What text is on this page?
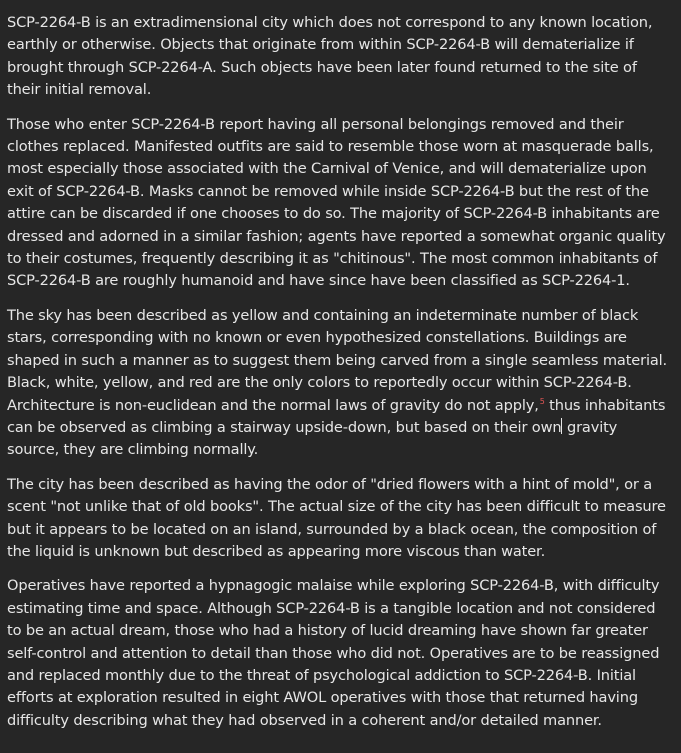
SCP-2264-B is an extradimensional city which does not correspond to any known location, earthly or otherwise. Objects that originate from within SCP-2264-B will dematerialize if brought through SCP-2264-A. Such objects have been later found returned to the site of their initial removal.

Those who enter SCP-2264-B report having all personal belongings removed and their clothes replaced. Manifested outfits are said to resemble those worn at masquerade balls, most especially those associated with the Carnival of Venice, and will dematerialize upon exit of SCP-2264-B. Masks cannot be removed while inside SCP-2264-B but the rest of the attire can be discarded if one chooses to do so. The majority of SCP-2264-B inhabitants are dressed and adorned in a similar fashion; agents have reported a somewhat organic quality to their costumes, frequently describing it as "chitinous". The most common inhabitants of SCP-2264-B are roughly humanoid and have since have been classified as SCP-2264-1.

The sky has been described as yellow and containing an indeterminate number of black stars, corresponding with no known or even hypothesized constellations. Buildings are shaped in such a manner as to suggest them being carved from a single seamless material. Black, white, yellow, and red are the only colors to reportedly occur within SCP-2264-B. Architecture is non-euclidean and the normal laws of gravity do not apply,$^5$ thus inhabitants can be observed as climbing a stairway upside-down, but based on their own gravity source, they are climbing normally.

The city has been described as having the odor of "dried flowers with a hint of mold", or a scent "not unlike that of old books". The actual size of the city has been difficult to measure but it appears to be located on an island, surrounded by a black ocean, the composition of the liquid is unknown but described as appearing more viscous than water.

Operatives have reported a hypnagogic malaise while exploring SCP-2264-B, with difficulty estimating time and space. Although SCP-2264-B is a tangible location and not considered to be an actual dream, those who had a history of lucid dreaming have shown far greater self-control and attention to detail than those who did not. Operatives are to be reassigned and replaced monthly due to the threat of psychological addiction to SCP-2264-B. Initial efforts at exploration resulted in eight AWOL operatives with those that returned having difficulty describing what they had observed in a coherent and/or detailed manner.
